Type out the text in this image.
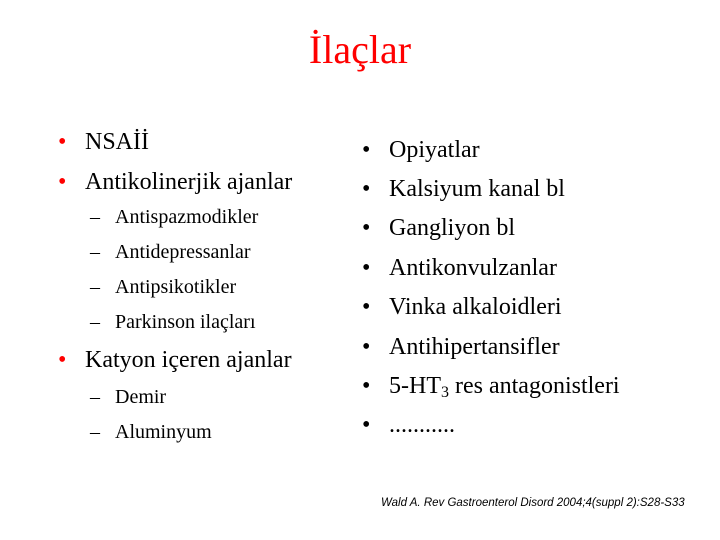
İlaçlar
• NSAİİ
• Antikolinerjik ajanlar
– Antispazmodikler
– Antidepressanlar
– Antipsikotikler
– Parkinson ilaçları
• Katyon içeren ajanlar
– Demir
– Aluminyum
• Opiyatlar
• Kalsiyum kanal bl
• Gangliyon bl
• Antikonvulzanlar
• Vinka alkaloidleri
• Antihipertansifler
• $5-HT_3$ res antagonistleri
• ...........
Wald A. Rev Gastroenterol Disord 2004;4(suppl 2):S28-S33
